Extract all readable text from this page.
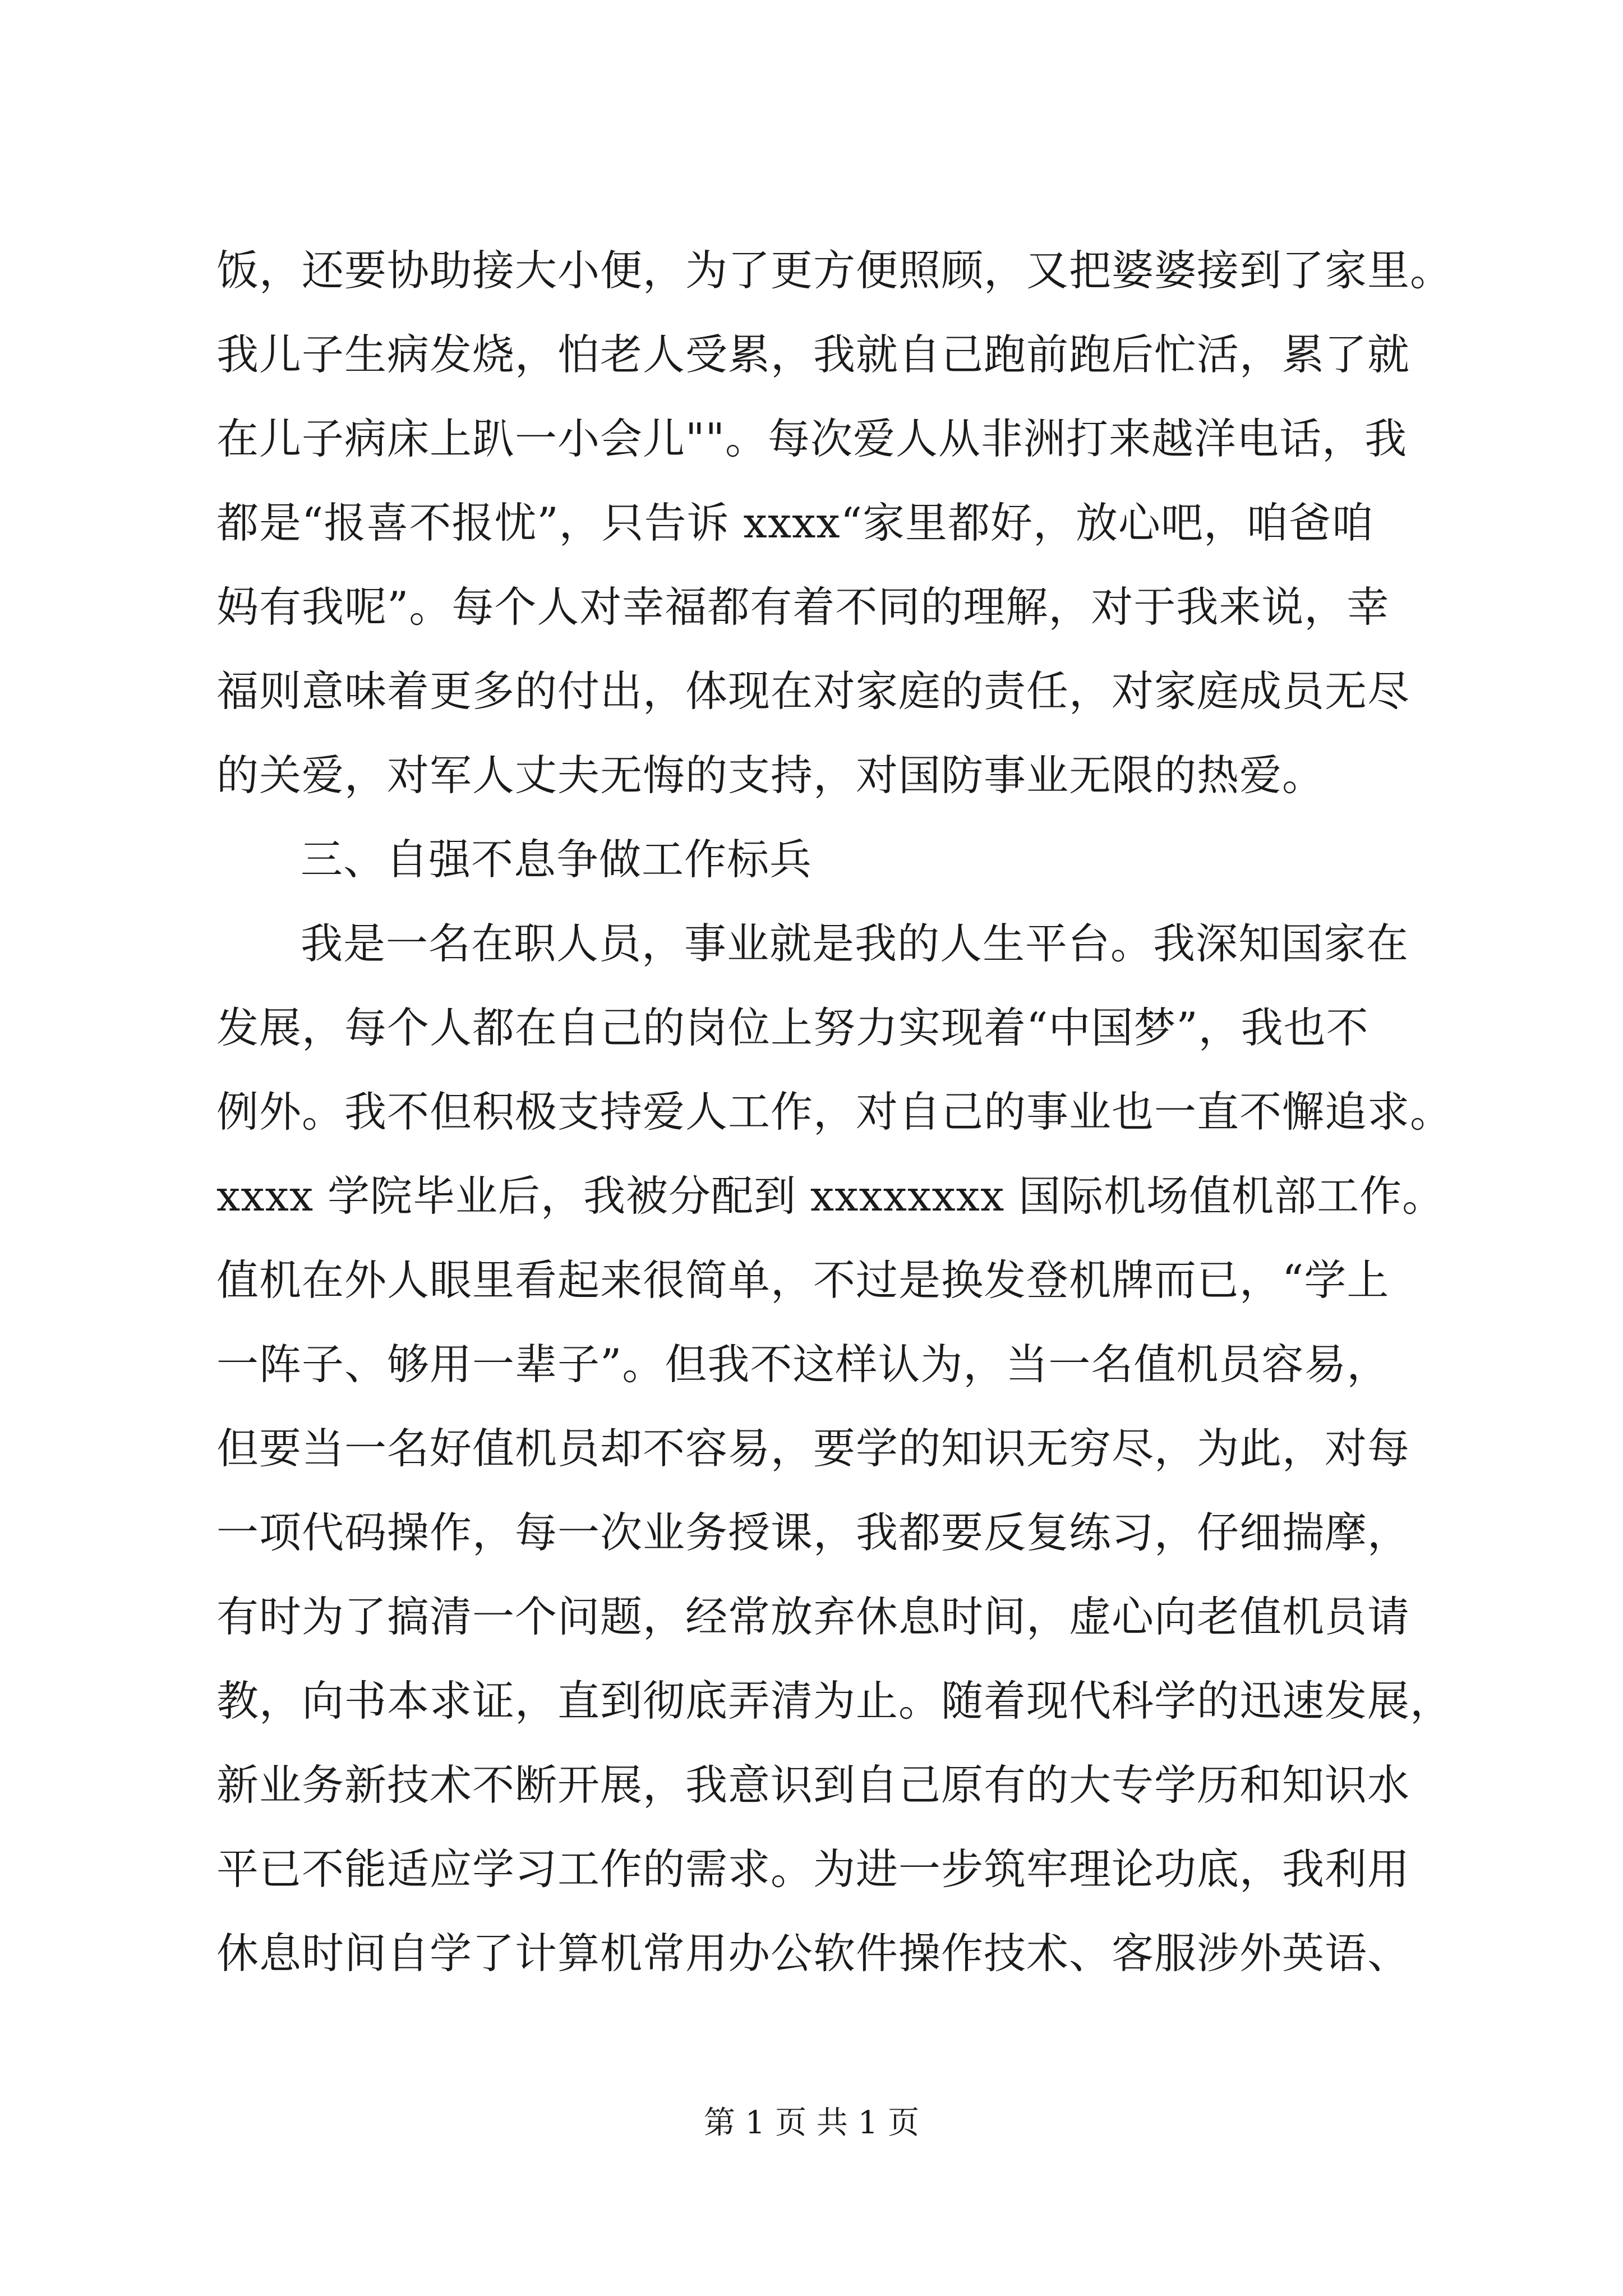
饭，还要协助接大小便，为了更方便照顾，又把婆婆接到了家里。
我儿子生病发烧，怕老人受累，我就自己跑前跑后忙活，累了就
在儿子病床上趴一小会儿""。每次爱人从非洲打来越洋电话，我
都是“报喜不报忧”，只告诉 xxxx“家里都好，放心吧，咱爸咱
妈有我呢”。每个人对幸福都有着不同的理解，对于我来说，幸
福则意味着更多的付出，体现在对家庭的责任，对家庭成员无尽
的关爱，对军人丈夫无悔的支持，对国防事业无限的热爱。
三、自强不息争做工作标兵
我是一名在职人员，事业就是我的人生平台。我深知国家在
发展，每个人都在自己的岗位上努力实现着“中国梦”，我也不
例外。我不但积极支持爱人工作，对自己的事业也一直不懈追求。
xxxx 学院毕业后，我被分配到 xxxxxxxx 国际机场值机部工作。
值机在外人眼里看起来很简单，不过是换发登机牌而已，“学上
一阵子、够用一辈子”。但我不这样认为，当一名值机员容易，
但要当一名好值机员却不容易，要学的知识无穷尽，为此，对每
一项代码操作，每一次业务授课，我都要反复练习，仔细揣摩，
有时为了搞清一个问题，经常放弃休息时间，虚心向老值机员请
教，向书本求证，直到彻底弄清为止。随着现代科学的迅速发展，
新业务新技术不断开展，我意识到自己原有的大专学历和知识水
平已不能适应学习工作的需求。为进一步筑牢理论功底，我利用
休息时间自学了计算机常用办公软件操作技术、客服涉外英语、
第 1 页 共 1 页
